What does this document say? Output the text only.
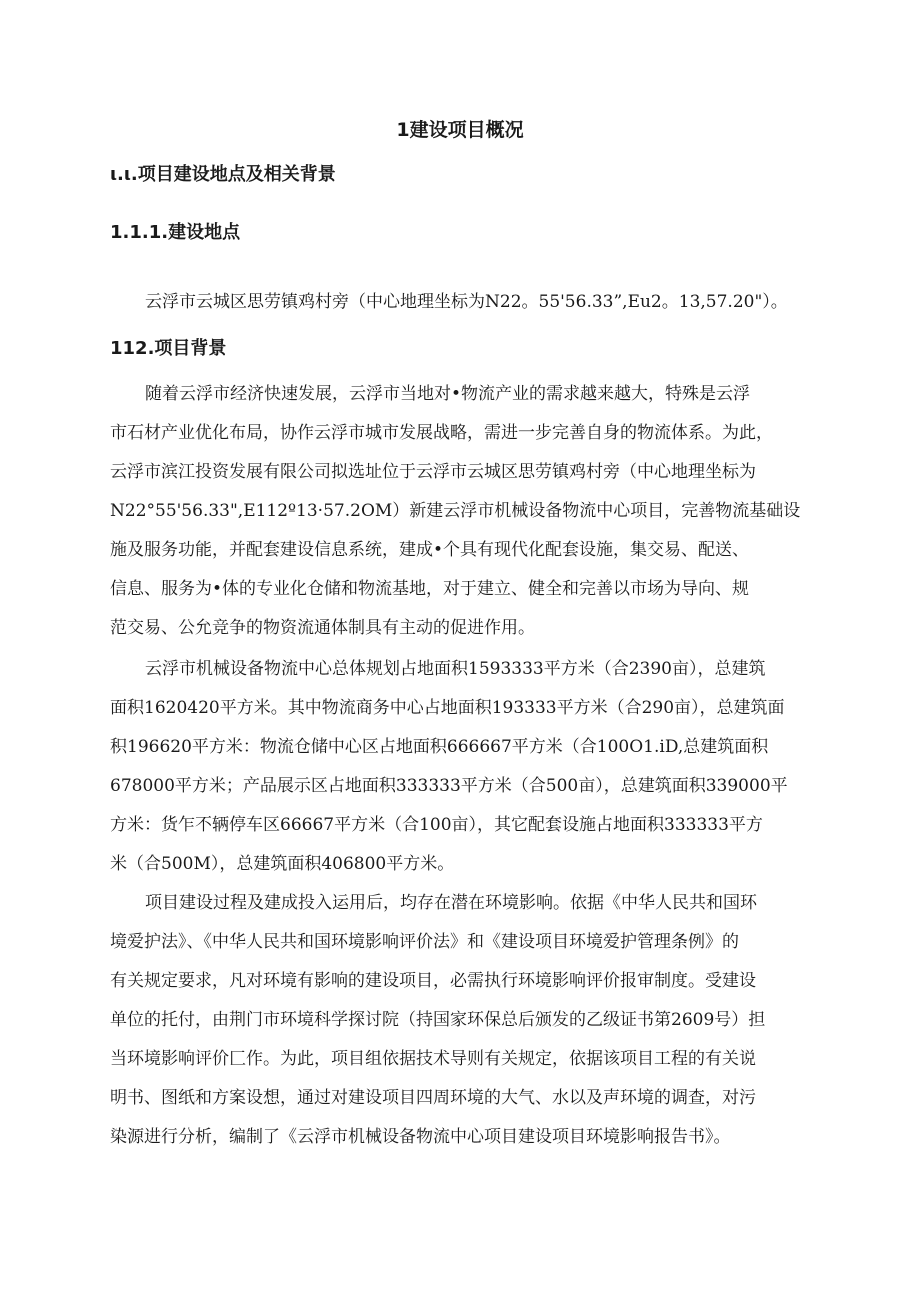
1建设项目概况
ι.ι.项目建设地点及相关背景
1.1.1.建设地点
云浮市云城区思劳镇鸡村旁（中心地理坐标为N22。55'56.33”,Eu2。13,57.20"）。
112.项目背景
随着云浮市经济快速发展，云浮市当地对•物流产业的需求越来越大，特殊是云浮
市石材产业优化布局，协作云浮市城市发展战略，需进一步完善自身的物流体系。为此，
云浮市滨江投资发展有限公司拟选址位于云浮市云城区思劳镇鸡村旁（中心地理坐标为
N22°55'56.33",E112º13·57.2OM）新建云浮市机械设备物流中心项目，完善物流基础设
施及服务功能，并配套建设信息系统，建成•个具有现代化配套设施，集交易、配送、
信息、服务为•体的专业化仓储和物流基地，对于建立、健全和完善以市场为导向、规
范交易、公允竞争的物资流通体制具有主动的促进作用。
云浮市机械设备物流中心总体规划占地面积1593333平方米（合2390亩），总建筑
面积1620420平方米。其中物流商务中心占地面积193333平方米（合290亩），总建筑面
积196620平方米：物流仓储中心区占地面积666667平方米（合100O1.iD,总建筑面积
678000平方米；产品展示区占地面积333333平方米（合500亩），总建筑面积339000平
方米：货乍不辆停车区66667平方米（合100亩），其它配套设施占地面积333333平方
米（合500M），总建筑面积406800平方米。
项目建设过程及建成投入运用后，均存在潜在环境影响。依据《中华人民共和国环
境爱护法》、《中华人民共和国环境影响评价法》和《建设项目环境爱护管理条例》的
有关规定要求，凡对环境有影响的建设项目，必需执行环境影响评价报审制度。受建设
单位的托付，由荆门市环境科学探讨院（持国家环保总后颁发的乙级证书第2609号）担
当环境影响评价匚作。为此，项目组依据技术导则有关规定，依据该项目工程的有关说
明书、图纸和方案设想，通过对建设项目四周环境的大气、水以及声环境的调查，对污
染源进行分析，编制了《云浮市机械设备物流中心项目建设项目环境影响报告书》。
